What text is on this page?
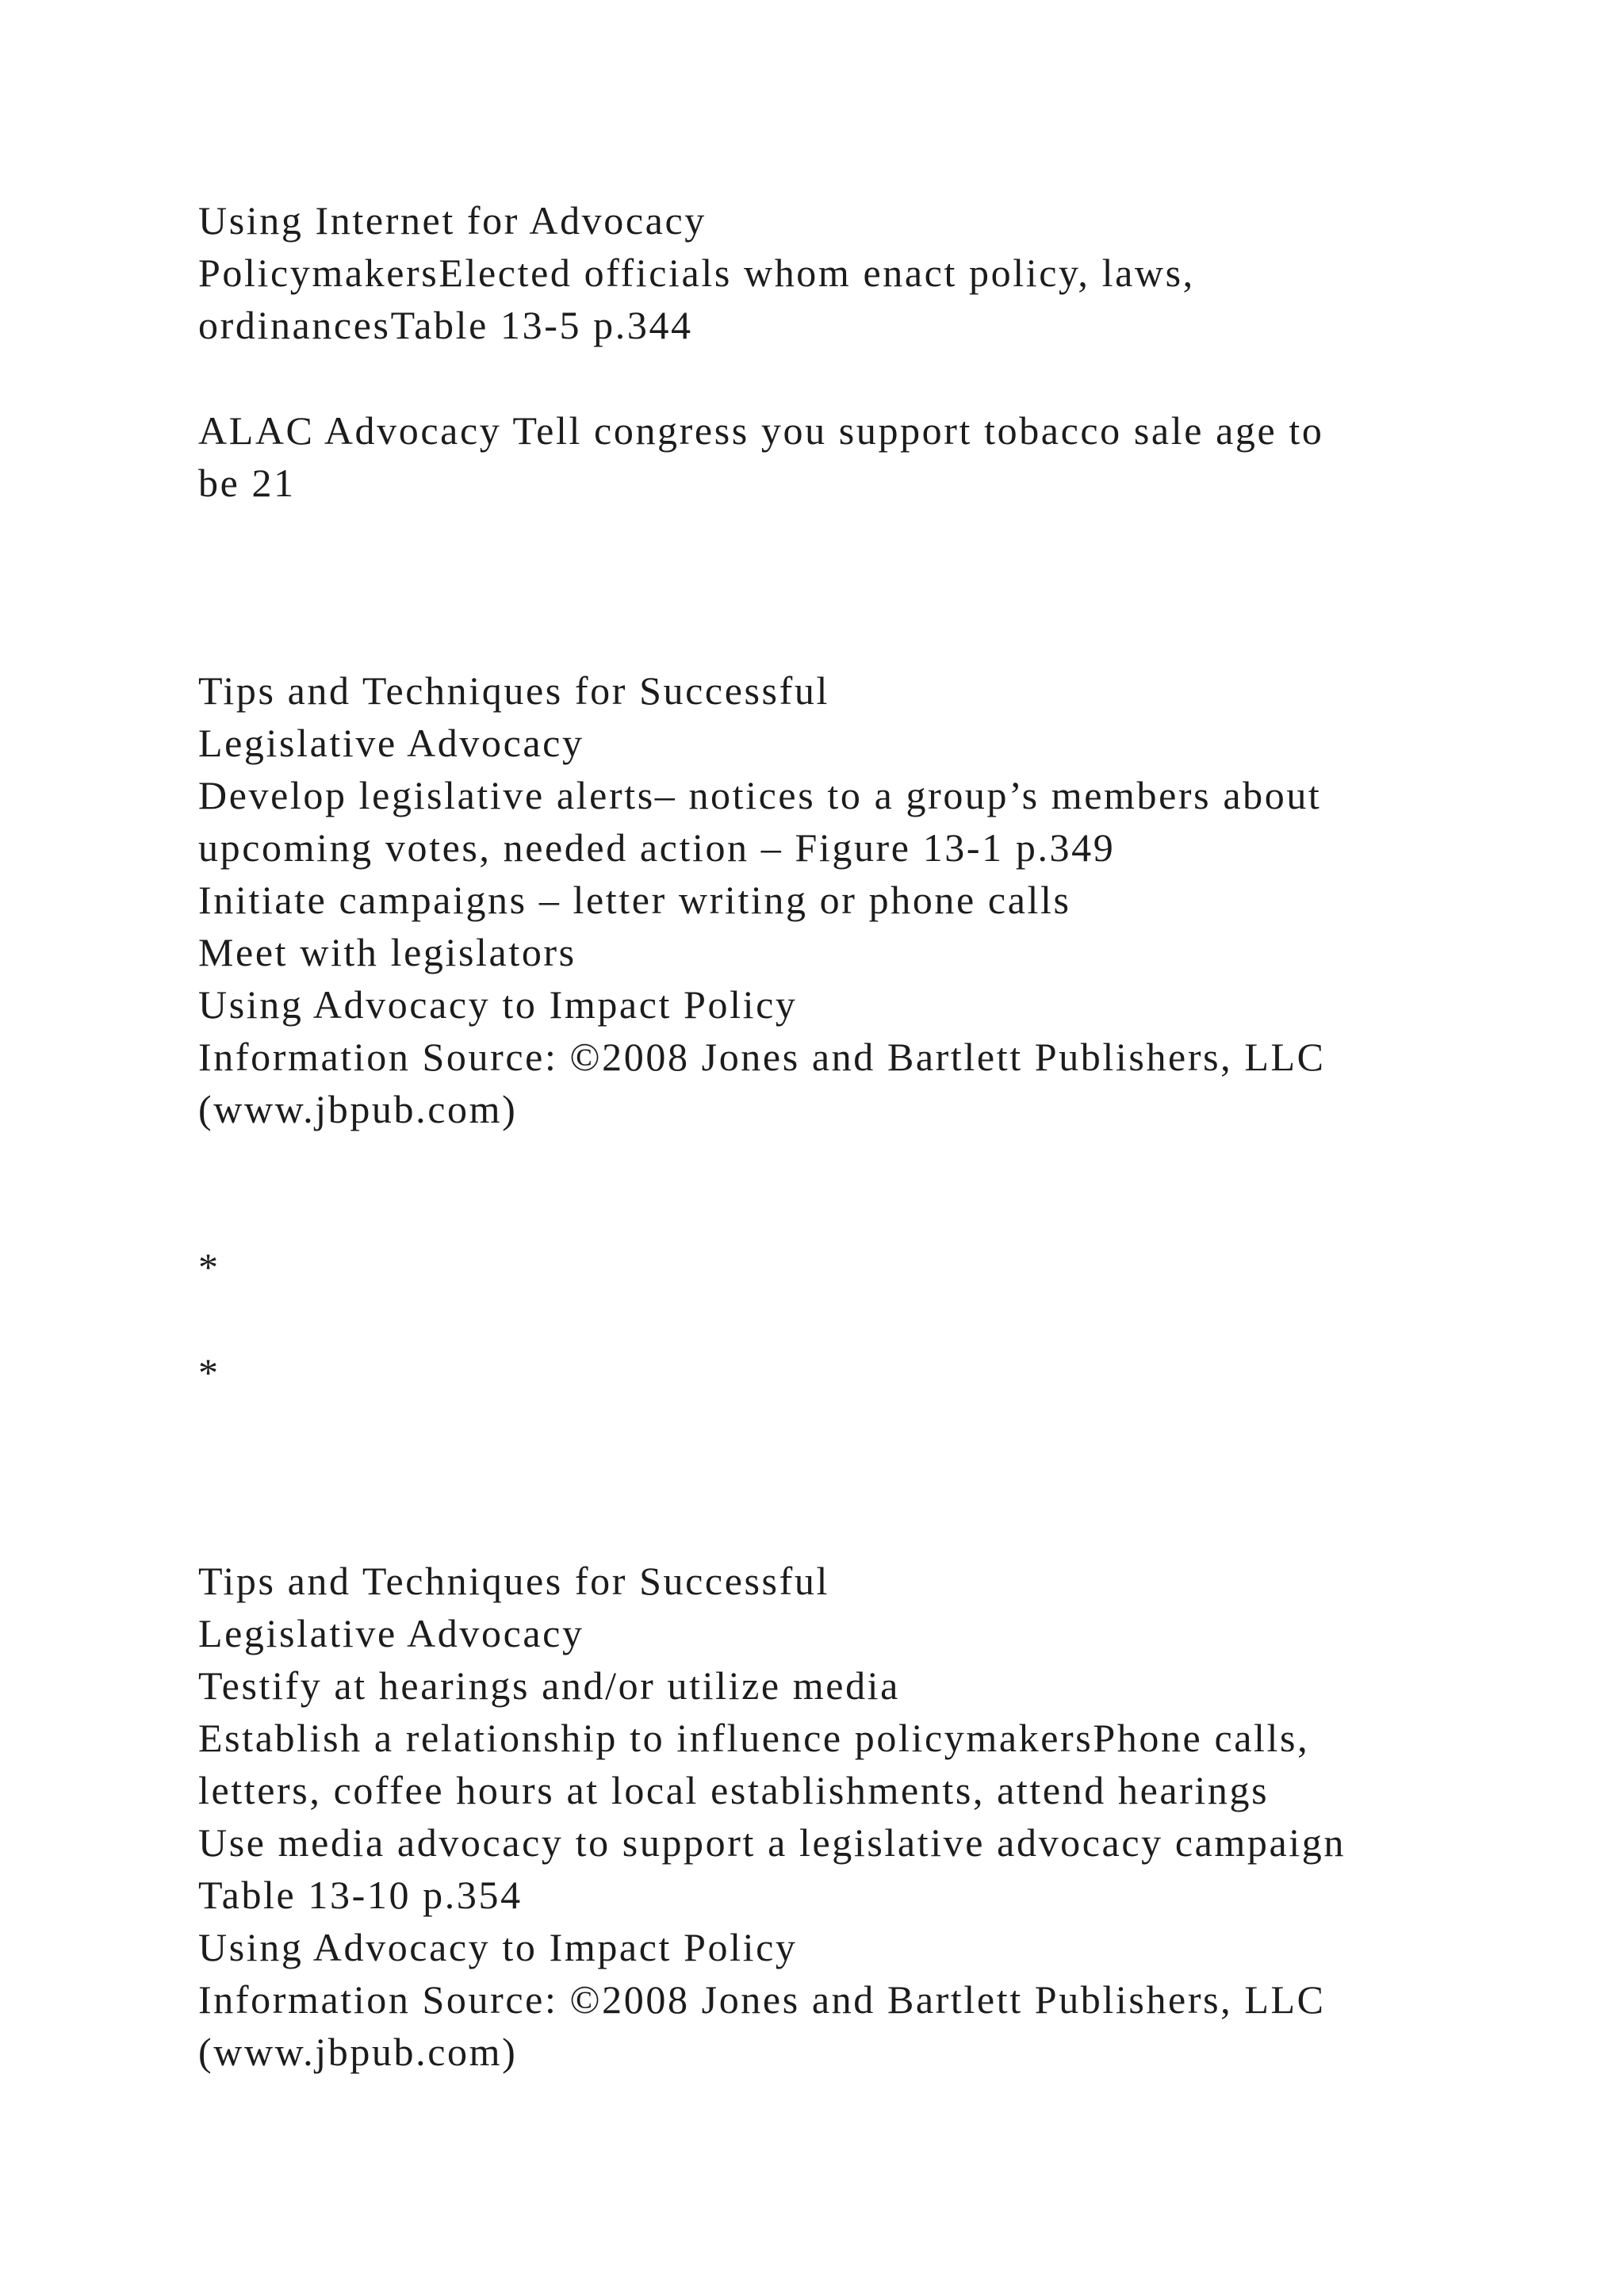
Using Internet for Advocacy
PolicymakersElected officials whom enact policy, laws,
ordinancesTable 13-5 p.344
ALAC Advocacy Tell congress you support tobacco sale age to
be 21
Tips and Techniques for Successful
Legislative Advocacy
Develop legislative alerts– notices to a group’s members about
upcoming votes, needed action – Figure 13-1 p.349
Initiate campaigns – letter writing or phone calls
Meet with legislators
Using Advocacy to Impact Policy
Information Source: ©2008 Jones and Bartlett Publishers, LLC
(www.jbpub.com)
*
*
Tips and Techniques for Successful
Legislative Advocacy
Testify at hearings and/or utilize media
Establish a relationship to influence policymakersPhone calls,
letters, coffee hours at local establishments, attend hearings
Use media advocacy to support a legislative advocacy campaign
Table 13-10 p.354
Using Advocacy to Impact Policy
Information Source: ©2008 Jones and Bartlett Publishers, LLC
(www.jbpub.com)
